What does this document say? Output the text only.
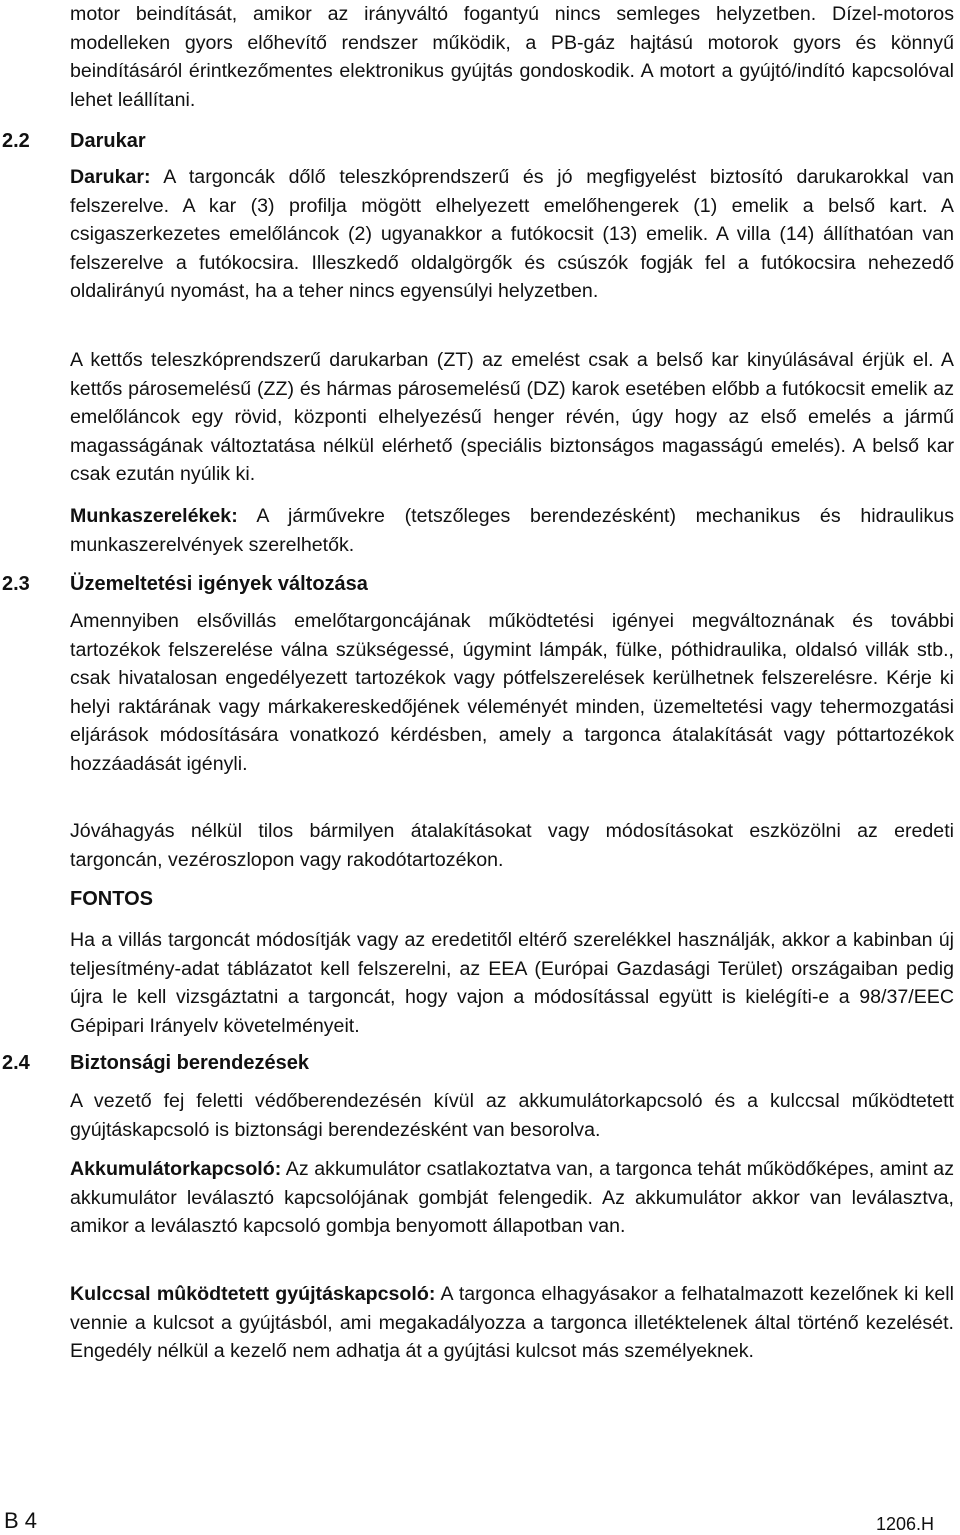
motor beindítását, amikor az irányváltó fogantyú nincs semleges helyzetben. Dízel-motoros modelleken gyors előhevítő rendszer működik, a PB-gáz hajtású motorok gyors és könnyű beindításáról érintkezőmentes elektronikus gyújtás gondoskodik. A motort a gyújtó/indító kapcsolóval lehet leállítani.

2.2 Darukar

Darukar: A targoncák dőlő teleszkóprendszerű és jó megfigyelést biztosító darukarokkal van felszerelve. A kar (3) profilja mögött elhelyezett emelőhengerek (1) emelik a belső kart. A csigaszerkezetes emelőláncok (2) ugyanakkor a futókocsit (13) emelik. A villa (14) állíthatóan van felszerelve a futókocsira. Illeszkedő oldalgörgők és csúszók fogják fel a futókocsira nehezedő oldalirányú nyomást, ha a teher nincs egyensúlyi helyzetben.

A kettős teleszkóprendszerű darukarban (ZT) az emelést csak a belső kar kinyúlásával érjük el. A kettős párosemelésű (ZZ) és hármas párosemelésű (DZ) karok esetében előbb a futókocsit emelik az emelőláncok egy rövid, központi elhelyezésű henger révén, úgy hogy az első emelés a jármű magasságának változtatása nélkül elérhető (speciális biztonságos magasságú emelés). A belső kar csak ezután nyúlik ki.

Munkaszerelékek: A járművekre (tetszőleges berendezésként) mechanikus és hidraulikus munkaszerelvények szerelhetők.

2.3 Üzemeltetési igények változása

Amennyiben elsővillás emelőtargoncájának működtetési igényei megváltoznának és további tartozékok felszerelése válna szükségessé, úgymint lámpák, fülke, póthidraulika, oldalsó villák stb., csak hivatalosan engedélyezett tartozékok vagy pótfelszerelések kerülhetnek felszerelésre. Kérje ki helyi raktárának vagy márkakereskedőjének véleményét minden, üzemeltetési vagy tehermozgatási eljárások módosítására vonatkozó kérdésben, amely a targonca átalakítását vagy póttartozékok hozzáadását igényli.

Jóváhagyás nélkül tilos bármilyen átalakításokat vagy módosításokat eszközölni az eredeti targoncán, vezéroszlopon vagy rakodótartozékon.

FONTOS

Ha a villás targoncát módosítják vagy az eredetitől eltérő szerelékkel használják, akkor a kabinban új teljesítmény-adat táblázatot kell felszerelni, az EEA (Európai Gazdasági Terület) országaiban pedig újra le kell vizsgáztatni a targoncát, hogy vajon a módosítással együtt is kielégíti-e a 98/37/EEC Gépipari Irányelv követelményeit.

2.4 Biztonsági berendezések

A vezető fej feletti védőberendezésén kívül az akkumulátorkapcsoló és a kulccsal működtetett gyújtáskapcsoló is biztonsági berendezésként van besorolva.

Akkumulátorkapcsoló: Az akkumulátor csatlakoztatva van, a targonca tehát működőképes, amint az akkumulátor leválasztó kapcsolójának gombját felengedik. Az akkumulátor akkor van leválasztva, amikor a leválasztó kapcsoló gombja benyomott állapotban van.

Kulccsal mûködtetett gyújtáskapcsoló: A targonca elhagyásakor a felhatalmazott kezelőnek ki kell vennie a kulcsot a gyújtásból, ami megakadályozza a targonca illetéktelenek által történő kezelését. Engedély nélkül a kezelő nem adhatja át a gyújtási kulcsot más személyeknek.

B 4	1206.H
